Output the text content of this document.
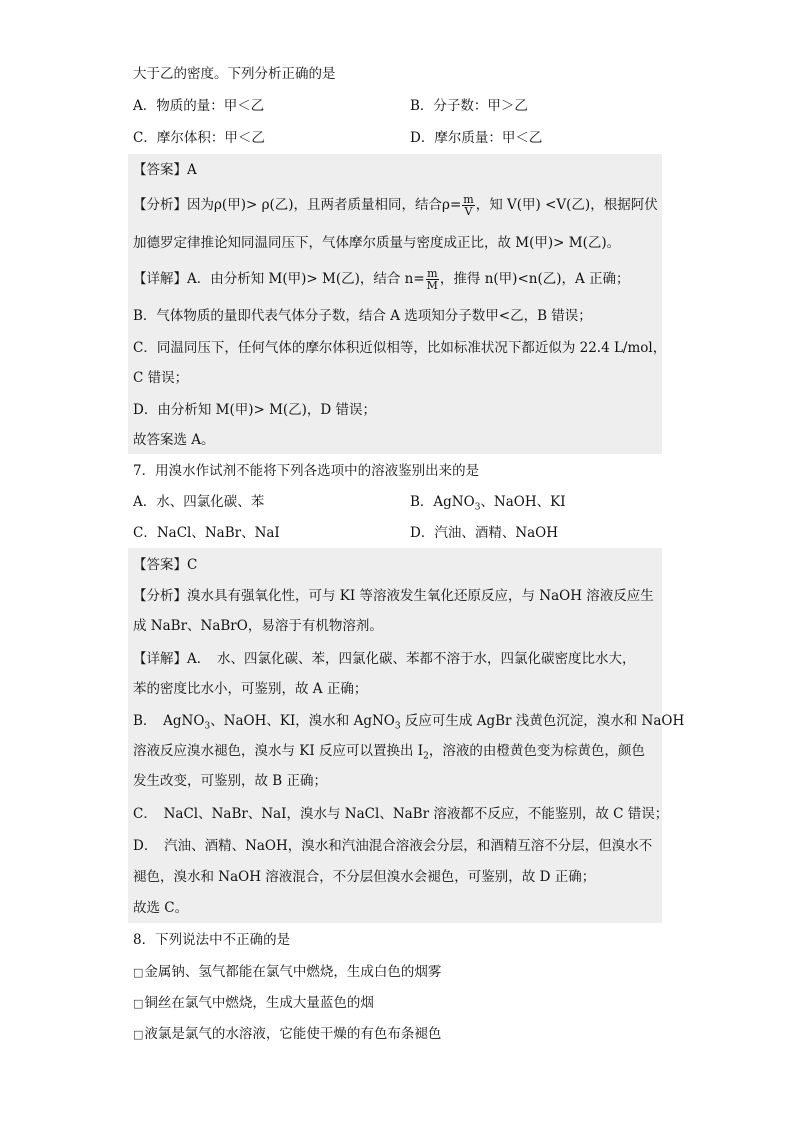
大于乙的密度。下列分析正确的是
A．物质的量：甲＜乙	B．分子数：甲＞乙
C．摩尔体积：甲＜乙	D．摩尔质量：甲＜乙
【答案】A
【分析】因为ρ(甲)> ρ(乙)，且两者质量相同，结合$\rho= \frac{m}{V}$ ，知 V(甲) <V(乙)，根据阿伏
加德罗定律推论知同温同压下，气体摩尔质量与密度成正比，故 M(甲)> M(乙)。
【详解】A．由分析知 M(甲)> M(乙)，结合 $n= \frac{m}{M}$ ，推得 n(甲)<n(乙)，A 正确；
B．气体物质的量即代表气体分子数，结合 A 选项知分子数甲<乙，B 错误；
C．同温同压下，任何气体的摩尔体积近似相等，比如标准状况下都近似为 22.4 L/mol，
C 错误；
D．由分析知 M(甲)> M(乙)，D 错误；
故答案选 A。
7．用溴水作试剂不能将下列各选项中的溶液鉴别出来的是
A．水、四氯化碳、苯	B．AgNO$_3$、NaOH、KI
C．NaCl、NaBr、NaI	D．汽油、酒精、NaOH
【答案】C
【分析】溴水具有强氧化性，可与 KI 等溶液发生氧化还原反应，与 NaOH 溶液反应生
成 NaBr、NaBrO，易溶于有机物溶剂。
【详解】A．　水、四氯化碳、苯，四氯化碳、苯都不溶于水，四氯化碳密度比水大，
苯的密度比水小，可鉴别，故 A 正确；
B．　AgNO$_3$、NaOH、KI，溴水和 AgNO$_3$ 反应可生成 AgBr 浅黄色沉淀，溴水和 NaOH
溶液反应溴水褪色，溴水与 KI 反应可以置换出 $I_2$，溶液的由橙黄色变为棕黄色，颜色
发生改变，可鉴别，故 B 正确；
C．　NaCl、NaBr、NaI，溴水与 NaCl、NaBr 溶液都不反应，不能鉴别，故 C 错误；
D．　汽油、酒精、NaOH，溴水和汽油混合溶液会分层，和酒精互溶不分层，但溴水不
褪色，溴水和 NaOH 溶液混合，不分层但溴水会褪色，可鉴别，故 D 正确；
故选 C。
8．下列说法中不正确的是
□金属钠、氢气都能在氯气中燃烧，生成白色的烟雾
□铜丝在氯气中燃烧，生成大量蓝色的烟
□液氯是氯气的水溶液，它能使干燥的有色布条褪色
